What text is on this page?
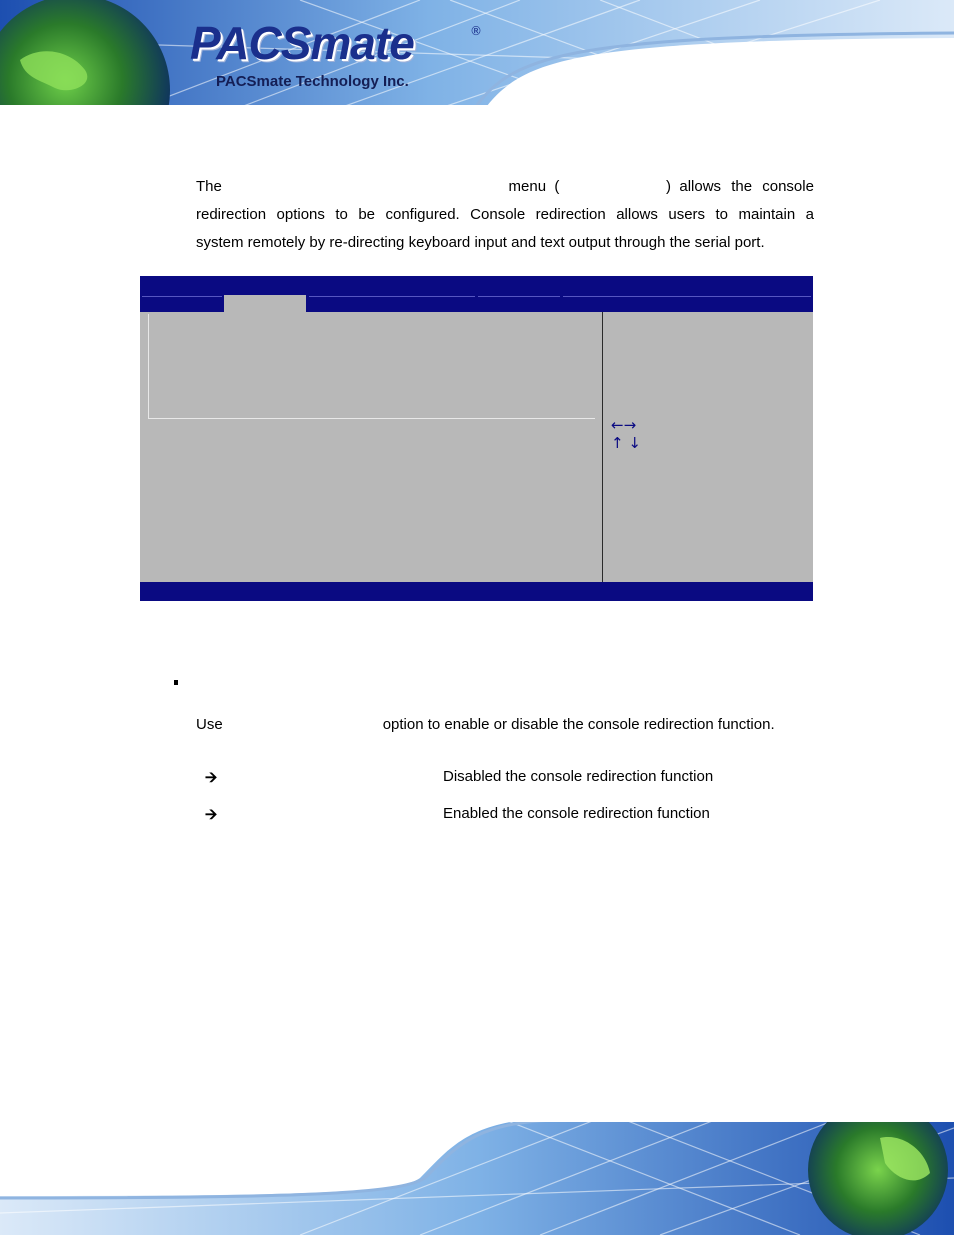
PACSmate	®
PACSmate Technology Inc.
The	menu (	) allows the console
redirection options to be configured. Console redirection allows users to maintain a
system remotely by re-directing keyboard input and text output through the serial port.
←→
↑ ↓
Use	option to enable or disable the console redirection function.
🡪	Disabled the console redirection function
🡪	Enabled the console redirection function
